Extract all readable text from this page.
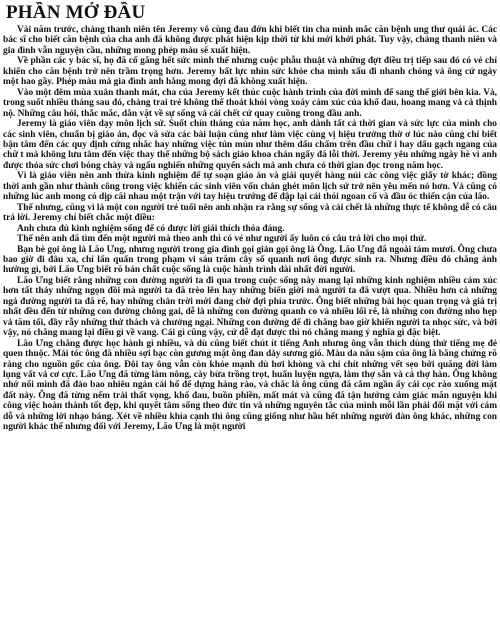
PHẦN MỞ ĐẦU

Vài năm trước, chàng thanh niên tên Jeremy vô cùng đau đớn khi biết tin cha mình mắc căn bệnh ung thư quái ác. Các bác sĩ cho biết căn bệnh của cha anh đã không được phát hiện kịp thời từ khi mới khởi phát. Tuy vậy, chàng thanh niên và gia đình vẫn nguyện cầu, những mong phép màu sẽ xuất hiện.

Về phần các y bác sĩ, họ đã cố gắng hết sức mình thế nhưng cuộc phẫu thuật và những đợt điều trị tiếp sau đó có vẻ chỉ khiến cho căn bệnh trở nên trầm trọng hơn. Jeremy bất lực nhìn sức khỏe cha mình xấu đi nhanh chóng và ông cứ ngày một hao gầy. Phép màu mà gia đình anh hằng mong đợi đã không xuất hiện.

Vào một đêm mùa xuân thanh mát, cha của Jeremy kết thúc cuộc hành trình của đời mình để sang thế giới bên kia. Và, trong suốt nhiều tháng sau đó, chàng trai trẻ không thể thoát khỏi vòng xoáy cảm xúc của khổ đau, hoang mang và cả thịnh nộ. Những câu hỏi, thắc mắc, dằn vặt về sự sống và cái chết cứ quay cuồng trong đầu anh.

Jeremy là giáo viên dạy môn lịch sử. Suốt chín tháng của năm học, anh dành tất cả thời gian và sức lực của mình cho các sinh viên, chuẩn bị giáo án, đọc và sửa các bài luận cũng như làm việc cùng vị hiệu trưởng thờ ơ lúc nào cũng chỉ biết bận tâm đến các quy định cứng nhắc hay những việc tủn mủn như thêm dấu chấm trên đầu chữ i hay dấu gạch ngang của chữ t mà không lưu tâm đến việc thay thế những bộ sách giáo khoa chán ngấy đã lỗi thời. Jeremy yêu những ngày hè vì anh được thỏa sức chơi bóng chày và ngấu nghiến những quyển sách mà anh chưa có thời gian đọc trong năm học.

Vì là giáo viên nên anh thừa kinh nghiệm để tự soạn giáo án và giải quyết hàng núi các công việc giấy tờ khác; đồng thời anh gần như thành công trong việc khiến các sinh viên vốn chán ghét môn lịch sử trở nên yêu mến nó hơn. Và cũng có những lúc anh mong có dịp cãi nhau một trận với tay hiệu trưởng để đập lại cái thói ngoan cố và đầu óc thiển cận của lão.

Thế nhưng, cũng vì là một con người trẻ tuổi nên anh nhận ra rằng sự sống và cái chết là những thực tế không dễ có câu trả lời. Jeremy chỉ biết chắc một điều:

Anh chưa đủ kinh nghiệm sống để có được lời giải thích thỏa đáng.

Thế nên anh đã tìm đến một người mà theo anh thì có vẻ như người ấy luôn có câu trả lời cho mọi thứ.

Bạn bè gọi ông là Lão Ưng, nhưng người trong gia đình gọi giản gọi ông là Ông. Lão Ưng đã ngoài tám mươi. Ông chưa bao giờ đi đâu xa, chỉ lẩn quẩn trong phạm vi sáu trăm cây số quanh nơi ông được sinh ra. Nhưng điều đó chẳng ảnh hưởng gì, bởi Lão Ưng biết rõ bản chất cuộc sống là cuộc hành trình dài nhất đời người.

Lão Ưng biết rằng những con đường người ta đi qua trong cuộc sống này mang lại những kinh nghiệm nhiều cảm xúc hơn tất thảy những ngọn đồi mà người ta đã trèo lên hay những biển giời mà người ta đã vượt qua. Nhiều hơn cả những ngả đường người ta đã rẽ, hay những chân trời mới đang chờ đợi phía trước. Ông biết những bài học quan trọng và giá trị nhất đều đến từ những con đường chông gai, dễ là những con đường quanh co và nhiều lối rẽ, là những con đường nho hẹp và tăm tối, đầy rẫy những thử thách và chướng ngại. Những con đường để đi chẳng bao giờ khiến người ta nhọc sức, và bởi vậy, nó chẳng mang lại điều gì về vang. Cái gì cũng vậy, cứ dễ đạt được thì nó chẳng mang ý nghĩa gì đặc biệt.

Lão Ưng chẳng được học hành gì nhiều, và dù cũng biết chút ít tiếng Anh nhưng ông vẫn thích dùng thứ tiếng mẹ đẻ quen thuộc. Mái tóc ông đã nhiều sợi bạc còn gương mặt ông đan dày sương gió. Màu da nâu sậm của ông là bằng chứng rõ ràng cho nguồn gốc của ông. Đôi tay ông vẫn còn khỏe mạnh dù hơi khòng và chỉ chít những vết sẹo bởi quãng đời làm lụng vất vả cơ cực. Lão Ưng đã từng làm nông, cày bừa trồng trọt, huấn luyện ngựa, làm thợ sắn và cả thợ hàn. Ông không nhớ nổi mình đã đào bao nhiêu ngàn cái hố để dựng hàng rào, và chắc là ông cũng đã cắm ngần ấy cái cọc rào xuống mặt đất này. Ông đã từng nếm trải thất vọng, khổ đau, buồn phiền, mất mát và cũng đã tận hưởng cảm giác mãn nguyện khi công việc hoàn thành tốt đẹp, khi quyết tâm sống theo đức tin và những nguyên tắc của mình mỗi lần phải đối mặt với cám dỗ và những lời nhạo báng. Xét về nhiều khía cạnh thì ông cũng giống như hầu hết những người đàn ông khác, những con người khác thế nhưng đối với Jeremy, Lão Ưng là một người
